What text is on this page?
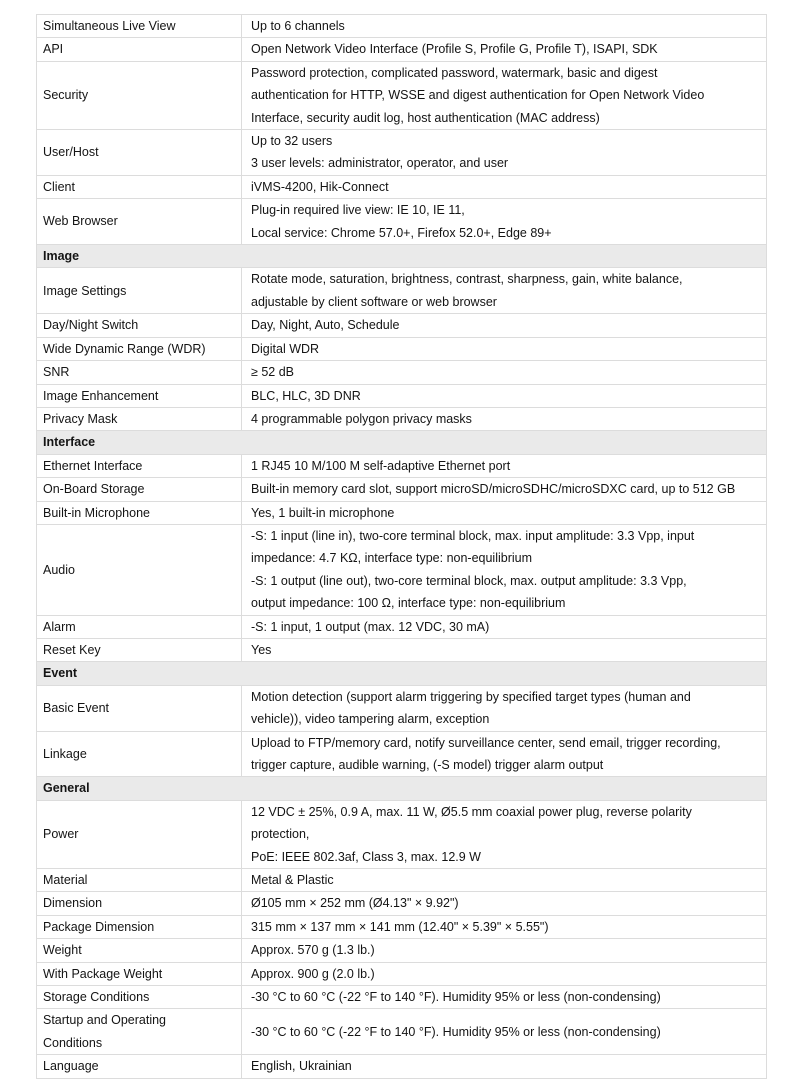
Simultaneous Live View	Up to 6 channels

API	Open Network Video Interface (Profile S, Profile G, Profile T), ISAPI, SDK

Security	Password protection, complicated password, watermark, basic and digest
authentication for HTTP, WSSE and digest authentication for Open Network Video
Interface, security audit log, host authentication (MAC address)

User/Host	Up to 32 users
3 user levels: administrator, operator, and user

Client	iVMS-4200, Hik-Connect

Web Browser	Plug-in required live view: IE 10, IE 11,
Local service: Chrome 57.0+, Firefox 52.0+, Edge 89+

Image	

Image Settings	Rotate mode, saturation, brightness, contrast, sharpness, gain, white balance,
adjustable by client software or web browser

Day/Night Switch	Day, Night, Auto, Schedule

Wide Dynamic Range (WDR)	Digital WDR

SNR	≥ 52 dB

Image Enhancement	BLC, HLC, 3D DNR

Privacy Mask	4 programmable polygon privacy masks

Interface	

Ethernet Interface	1 RJ45 10 M/100 M self-adaptive Ethernet port

On-Board Storage	Built-in memory card slot, support microSD/microSDHC/microSDXC card, up to 512 GB

Built-in Microphone	Yes, 1 built-in microphone

Audio	-S: 1 input (line in), two-core terminal block, max. input amplitude: 3.3 Vpp, input
impedance: 4.7 KΩ, interface type: non-equilibrium
-S: 1 output (line out), two-core terminal block, max. output amplitude: 3.3 Vpp,
output impedance: 100 Ω, interface type: non-equilibrium

Alarm	-S: 1 input, 1 output (max. 12 VDC, 30 mA)

Reset Key	Yes

Event	

Basic Event	Motion detection (support alarm triggering by specified target types (human and
vehicle)), video tampering alarm, exception

Linkage	Upload to FTP/memory card, notify surveillance center, send email, trigger recording,
trigger capture, audible warning, (-S model) trigger alarm output

General	

Power	12 VDC ± 25%, 0.9 A, max. 11 W, Ø5.5 mm coaxial power plug, reverse polarity
protection,
PoE: IEEE 802.3af, Class 3, max. 12.9 W

Material	Metal & Plastic

Dimension	Ø105 mm × 252 mm (Ø4.13" × 9.92")

Package Dimension	315 mm × 137 mm × 141 mm (12.40" × 5.39" × 5.55")

Weight	Approx. 570 g (1.3 lb.)

With Package Weight	Approx. 900 g (2.0 lb.)

Storage Conditions	-30 °C to 60 °C (-22 °F to 140 °F). Humidity 95% or less (non-condensing)

Startup and Operating
Conditions	-30 °C to 60 °C (-22 °F to 140 °F). Humidity 95% or less (non-condensing)

Language	English, Ukrainian
